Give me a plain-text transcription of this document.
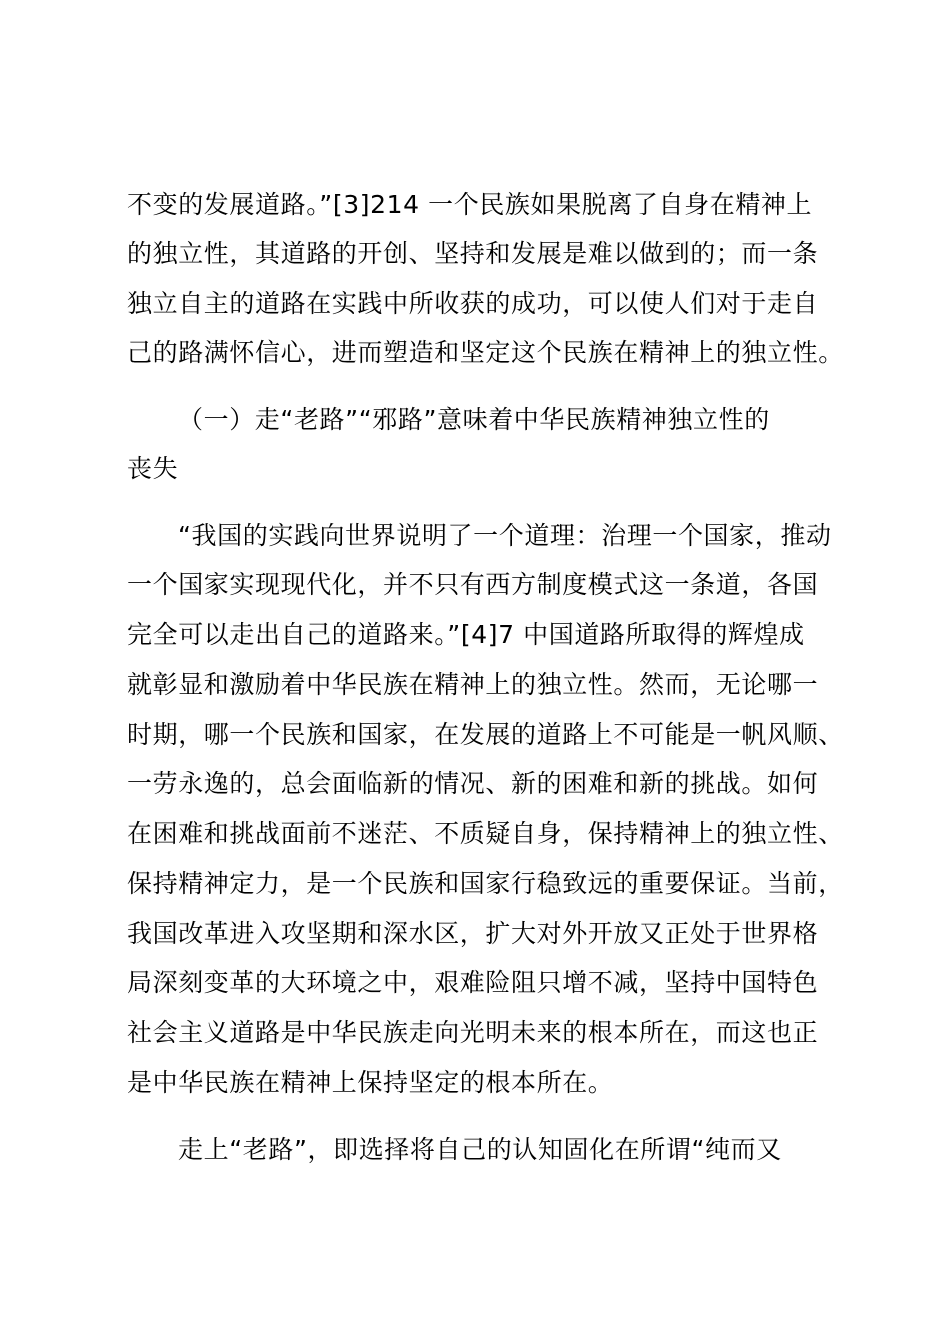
不变的发展道路。”[3]214 一个民族如果脱离了自身在精神上
的独立性，其道路的开创、坚持和发展是难以做到的；而一条
独立自主的道路在实践中所收获的成功，可以使人们对于走自
己的路满怀信心，进而塑造和坚定这个民族在精神上的独立性。
（一）走“老路”“邪路”意味着中华民族精神独立性的
丧失
“我国的实践向世界说明了一个道理：治理一个国家，推动
一个国家实现现代化，并不只有西方制度模式这一条道，各国
完全可以走出自己的道路来。”[4]7 中国道路所取得的辉煌成
就彰显和激励着中华民族在精神上的独立性。然而，无论哪一
时期，哪一个民族和国家，在发展的道路上不可能是一帆风顺、
一劳永逸的，总会面临新的情况、新的困难和新的挑战。如何
在困难和挑战面前不迷茫、不质疑自身，保持精神上的独立性、
保持精神定力，是一个民族和国家行稳致远的重要保证。当前，
我国改革进入攻坚期和深水区，扩大对外开放又正处于世界格
局深刻变革的大环境之中，艰难险阻只增不减，坚持中国特色
社会主义道路是中华民族走向光明未来的根本所在，而这也正
是中华民族在精神上保持坚定的根本所在。
走上“老路”，即选择将自己的认知固化在所谓“纯而又
